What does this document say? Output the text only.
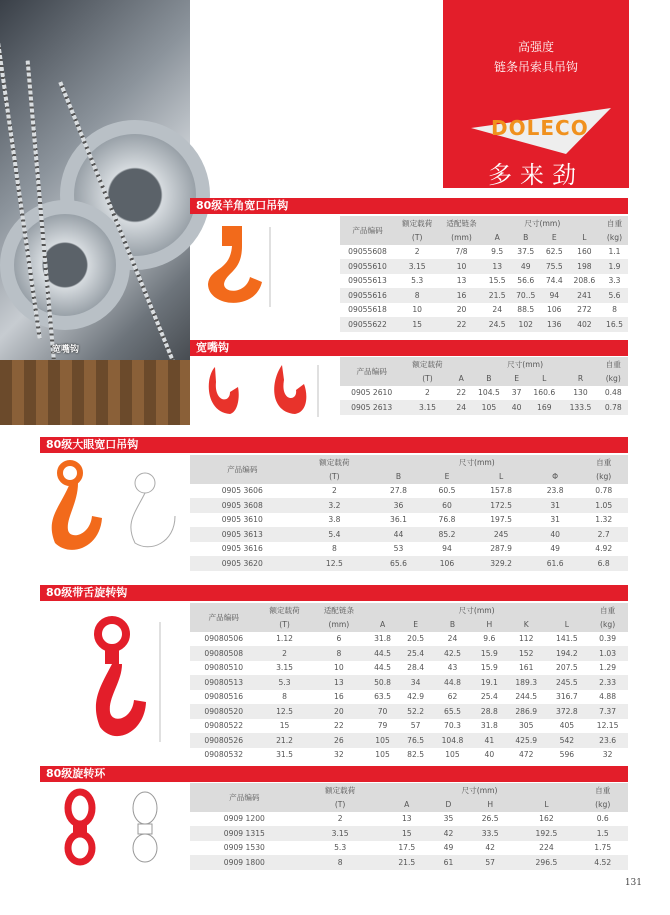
宽嘴钩
高强度
链条吊索具吊钩
DOLECO
多来劲
80级羊角宽口吊钩
宽嘴钩
80级大眼宽口吊钩
80级带舌旋转钩
80级旋转环
产品编码	额定载荷	适配链条	尺寸(mm)				自重
	(T)	(mm)	A	B	E	L	(kg)
09055608	2	7/8	9.5	37.5	62.5	160	1.1
09055610	3.15	10	13	49	75.5	198	1.9
09055613	5.3	13	15.5	56.6	74.4	208.6	3.3
09055616	8	16	21.5	70..5	94	241	5.6
09055618	10	20	24	88.5	106	272	8
09055622	15	22	24.5	102	136	402	16.5
产品编码	额定载荷	尺寸(mm)					自重
	(T)	A	B	E	L	R	(kg)
0905 2610	2	22	104.5	37	160.6	130	0.48
0905 2613	3.15	24	105	40	169	133.5	0.78
产品编码	额定载荷	尺寸(mm)				自重
	(T)	B	E	L	Φ	(kg)
0905 3606	2	27.8	60.5	157.8	23.8	0.78
0905 3608	3.2	36	60	172.5	31	1.05
0905 3610	3.8	36.1	76.8	197.5	31	1.32
0905 3613	5.4	44	85.2	245	40	2.7
0905 3616	8	53	94	287.9	49	4.92
0905 3620	12.5	65.6	106	329.2	61.6	6.8
产品编码	额定载荷	适配链条	尺寸(mm)						自重
	(T)	(mm)	A	E	B	H	K	L	(kg)
09080506	1.12	6	31.8	20.5	24	9.6	112	141.5	0.39
09080508	2	8	44.5	25.4	42.5	15.9	152	194.2	1.03
09080510	3.15	10	44.5	28.4	43	15.9	161	207.5	1.29
09080513	5.3	13	50.8	34	44.8	19.1	189.3	245.5	2.33
09080516	8	16	63.5	42.9	62	25.4	244.5	316.7	4.88
09080520	12.5	20	70	52.2	65.5	28.8	286.9	372.8	7.37
09080522	15	22	79	57	70.3	31.8	305	405	12.15
09080526	21.2	26	105	76.5	104.8	41	425.9	542	23.6
09080532	31.5	32	105	82.5	105	40	472	596	32
产品编码	额定载荷	尺寸(mm)				自重
	(T)	A	D	H	L	(kg)
0909 1200	2	13	35	26.5	162	0.6
0909 1315	3.15	15	42	33.5	192.5	1.5
0909 1530	5.3	17.5	49	42	224	1.75
0909 1800	8	21.5	61	57	296.5	4.52
131
